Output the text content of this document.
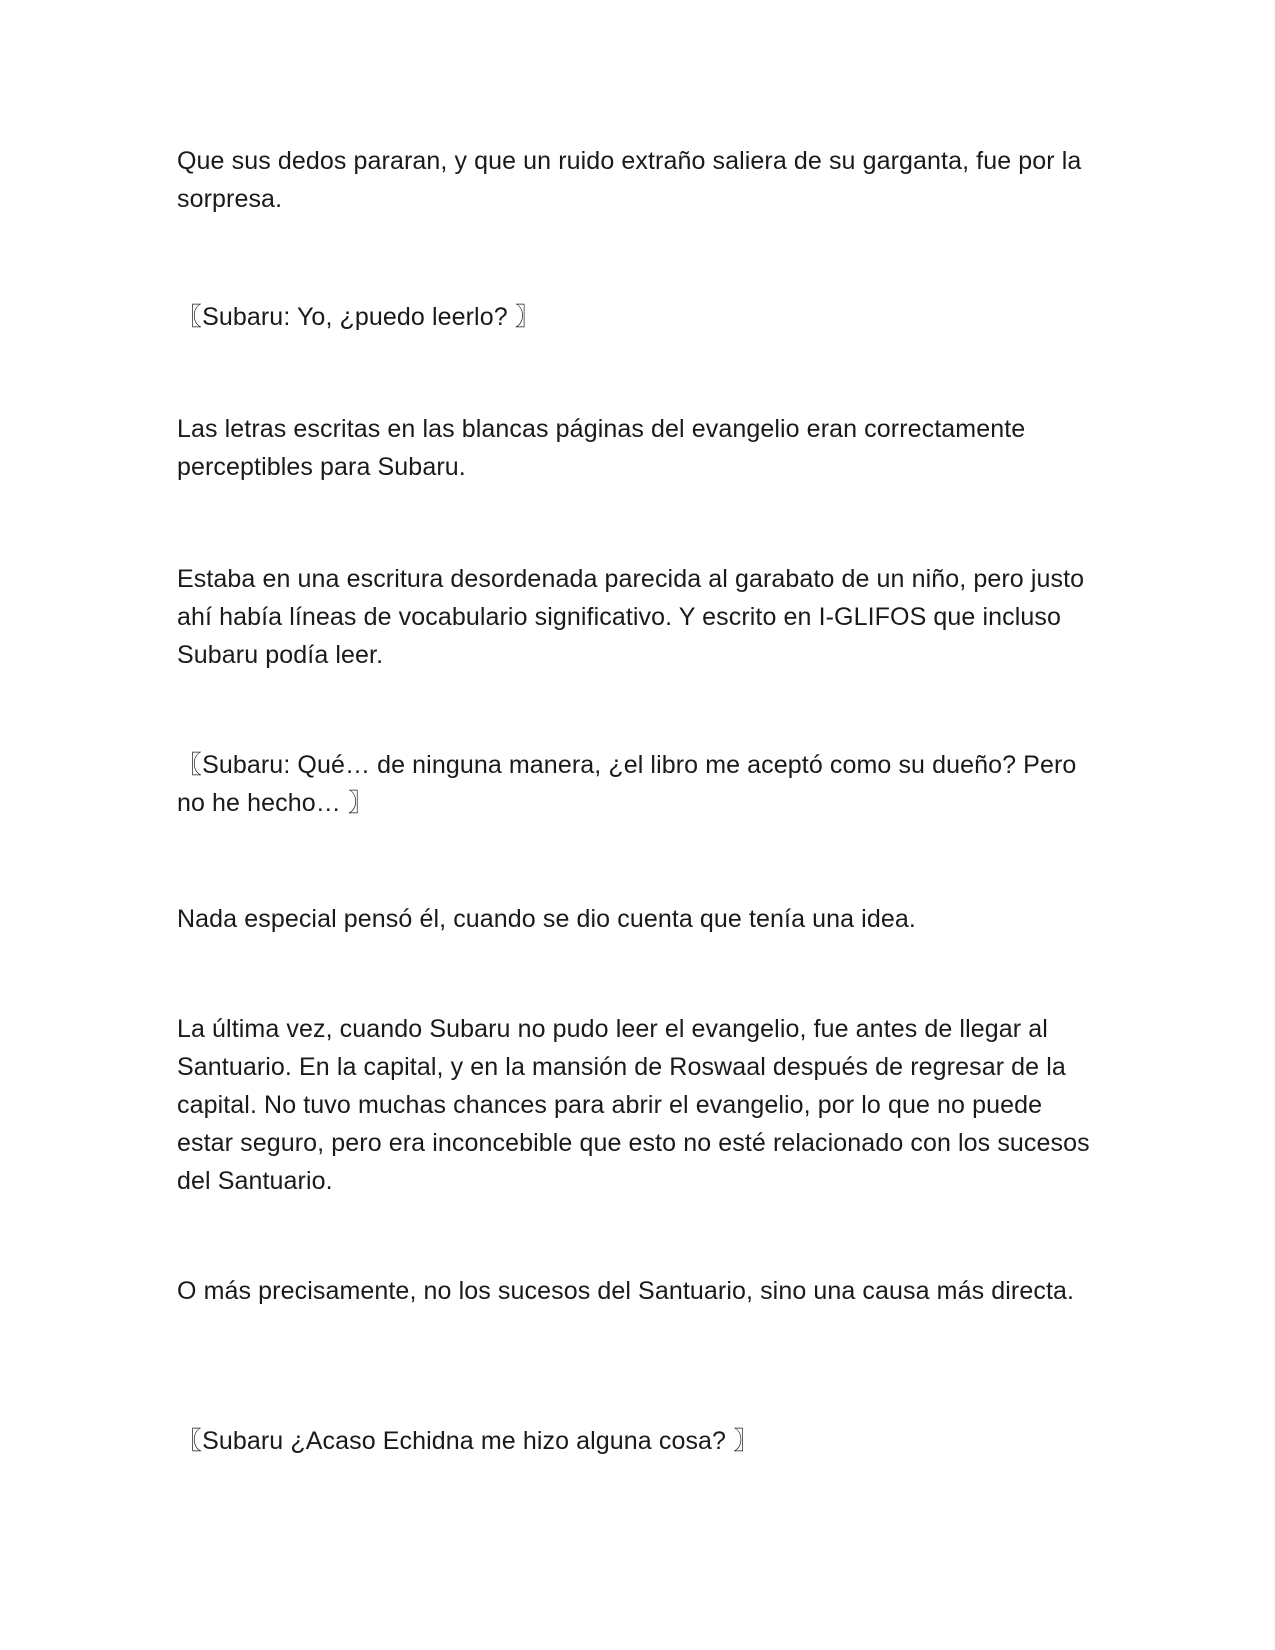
Que sus dedos pararan, y que un ruido extraño saliera de su garganta, fue por la sorpresa.

〖Subaru: Yo, ¿puedo leerlo? 〗

Las letras escritas en las blancas páginas del evangelio eran correctamente perceptibles para Subaru.

Estaba en una escritura desordenada parecida al garabato de un niño, pero justo ahí había líneas de vocabulario significativo. Y escrito en I-GLIFOS que incluso Subaru podía leer.

〖Subaru: Qué… de ninguna manera, ¿el libro me aceptó como su dueño? Pero no he hecho… 〗

Nada especial pensó él, cuando se dio cuenta que tenía una idea.

La última vez, cuando Subaru no pudo leer el evangelio, fue antes de llegar al Santuario. En la capital, y en la mansión de Roswaal después de regresar de la capital. No tuvo muchas chances para abrir el evangelio, por lo que no puede estar seguro, pero era inconcebible que esto no esté relacionado con los sucesos del Santuario.

O más precisamente, no los sucesos del Santuario, sino una causa más directa.

〖Subaru ¿Acaso Echidna me hizo alguna cosa? 〗
